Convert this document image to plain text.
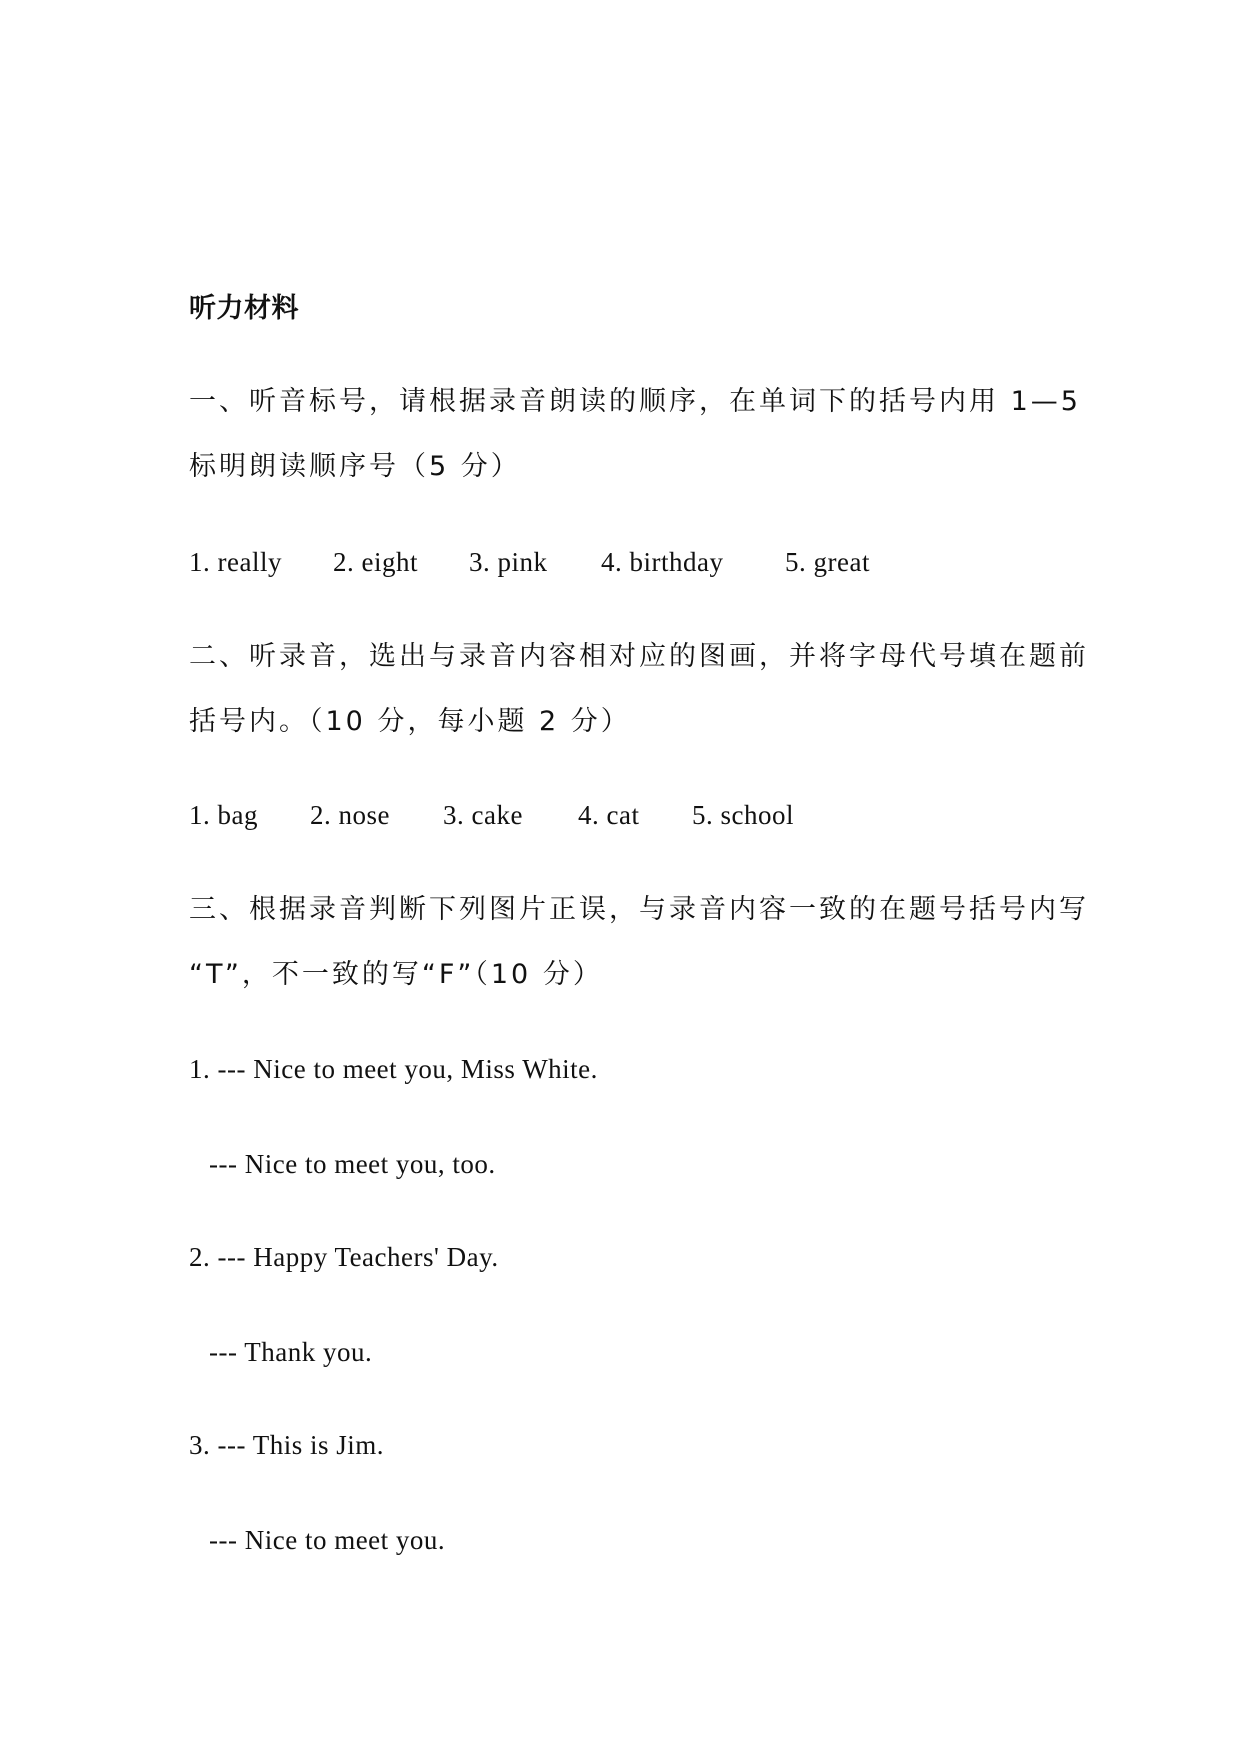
听力材料
一、听音标号，请根据录音朗读的顺序，在单词下的括号内用 1—5
标明朗读顺序号（5 分）
1. really 2. eight 3. pink 4. birthday 5. great
二、听录音，选出与录音内容相对应的图画，并将字母代号填在题前
括号内。（10 分，每小题 2 分）
1. bag 2. nose 3. cake 4. cat 5. school
三、根据录音判断下列图片正误，与录音内容一致的在题号括号内写
“T”，不一致的写“F”（10 分）
1. --- Nice to meet you, Miss White.
--- Nice to meet you, too.
2. --- Happy Teachers' Day.
--- Thank you.
3. --- This is Jim.
--- Nice to meet you.
